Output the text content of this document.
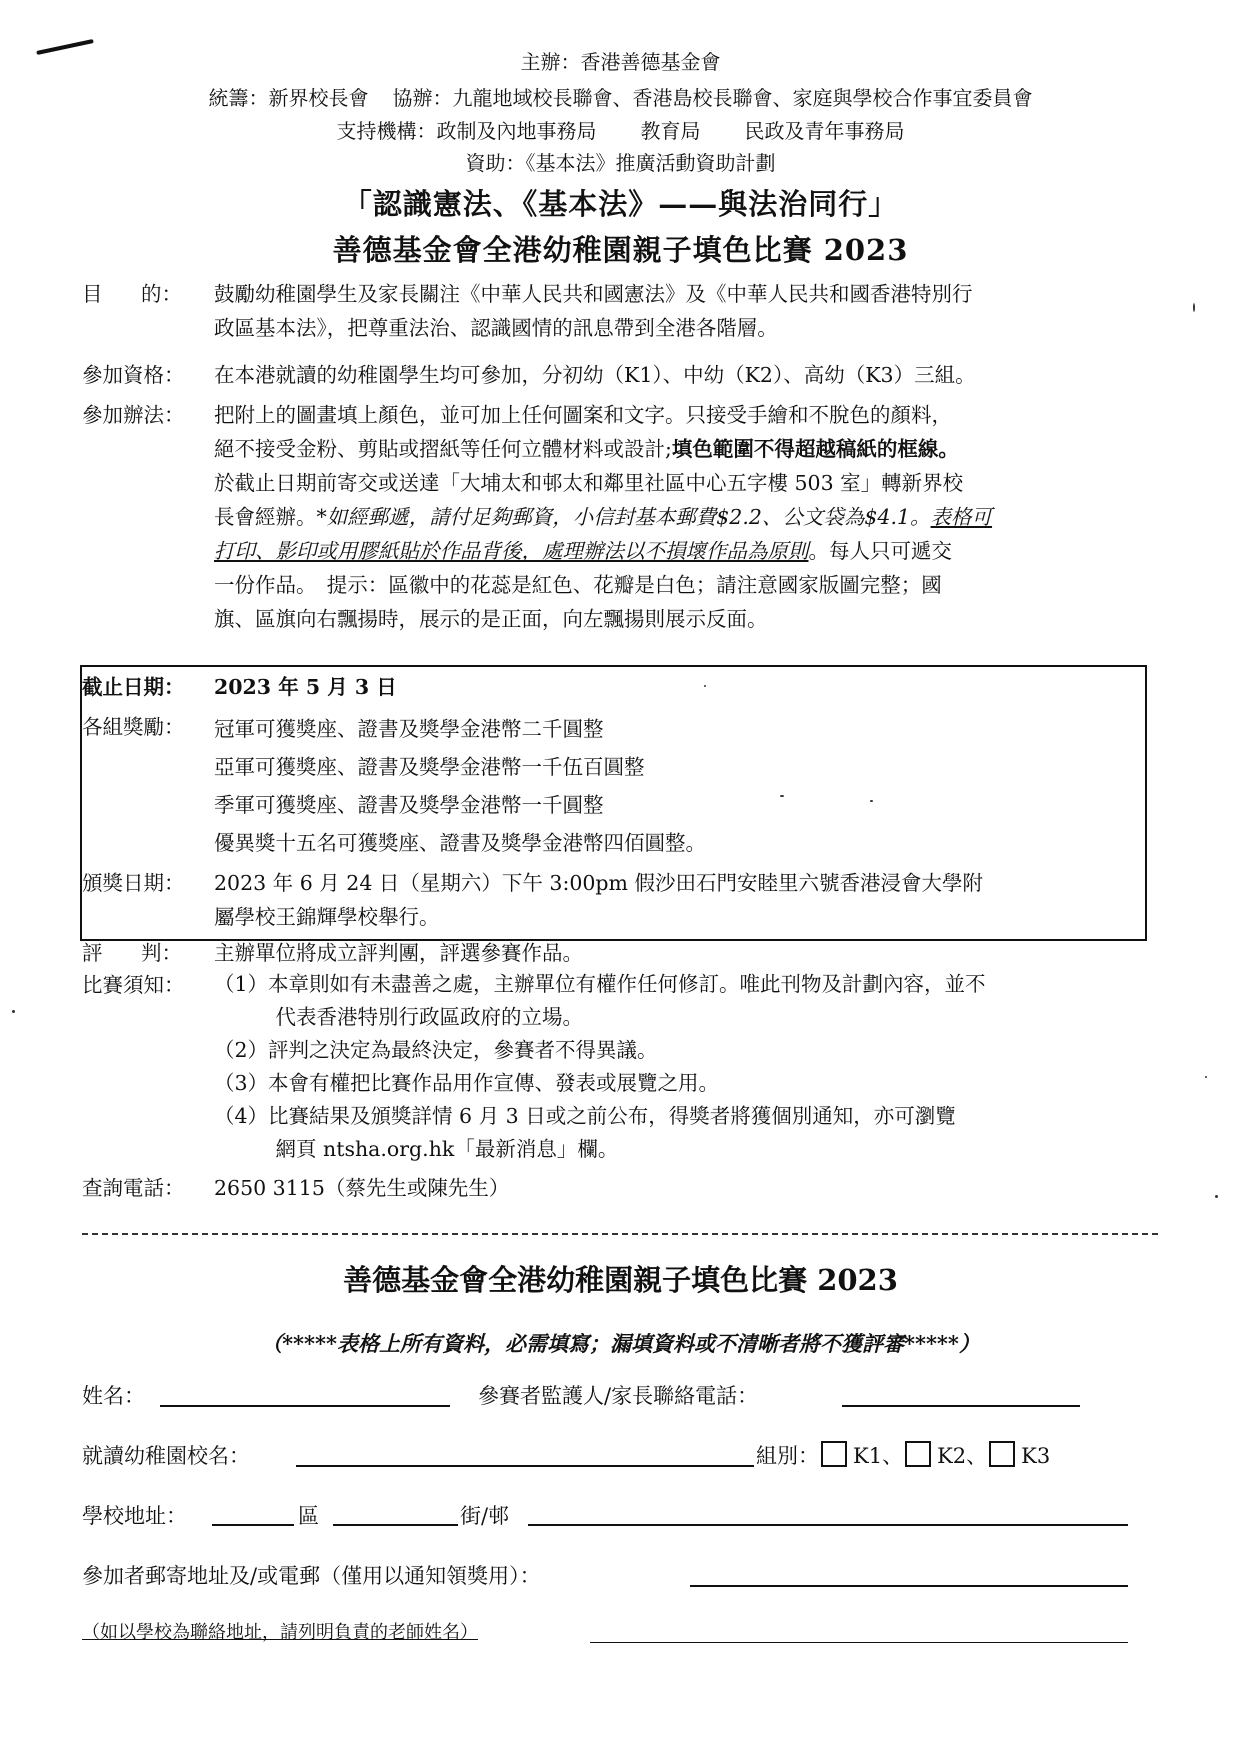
主辦：香港善德基金會
統籌：新界校長會 協辦：九龍地域校長聯會、香港島校長聯會、家庭與學校合作事宜委員會
支持機構：政制及內地事務局 教育局 民政及青年事務局
資助：《基本法》推廣活動資助計劃
「認識憲法、《基本法》——與法治同行」
善德基金會全港幼稚園親子填色比賽 2023
目 的： 鼓勵幼稚園學生及家長關注《中華人民共和國憲法》及《中華人民共和國香港特別行
政區基本法》，把尊重法治、認識國情的訊息帶到全港各階層。
參加資格：	在本港就讀的幼稚園學生均可參加，分初幼（K1）、中幼（K2）、高幼（K3）三組。
參加辦法：	把附上的圖畫填上顏色，並可加上任何圖案和文字。只接受手繪和不脫色的顏料，
絕不接受金粉、剪貼或摺紙等任何立體材料或設計;填色範圍不得超越稿紙的框線。
於截止日期前寄交或送達「大埔太和邨太和鄰里社區中心五字樓 503 室」轉新界校
長會經辦。*如經郵遞，請付足夠郵資，小信封基本郵費$2.2、公文袋為$4.1。表格可
打印、影印或用膠紙貼於作品背後，處理辦法以不損壞作品為原則。每人只可遞交
一份作品。　提示：區徽中的花蕊是紅色、花瓣是白色；請注意國家版圖完整；國
旗、區旗向右飄揚時，展示的是正面，向左飄揚則展示反面。
截止日期：	2023 年 5 月 3 日
各組獎勵：	冠軍可獲獎座、證書及獎學金港幣二千圓整
亞軍可獲獎座、證書及獎學金港幣一千伍百圓整
季軍可獲獎座、證書及獎學金港幣一千圓整
優異獎十五名可獲獎座、證書及獎學金港幣四佰圓整。
頒獎日期：	2023 年 6 月 24 日（星期六）下午 3:00pm 假沙田石門安睦里六號香港浸會大學附
屬學校王錦輝學校舉行。
評 判： 主辦單位將成立評判團，評選參賽作品。
比賽須知：	（1）本章則如有未盡善之處，主辦單位有權作任何修訂。唯此刊物及計劃內容，並不
　　　代表香港特別行政區政府的立場。
（2）評判之決定為最終決定，參賽者不得異議。
（3）本會有權把比賽作品用作宣傳、發表或展覽之用。
（4）比賽結果及頒獎詳情 6 月 3 日或之前公布，得獎者將獲個別通知，亦可瀏覽
　　　網頁 ntsha.org.hk「最新消息」欄。
查詢電話：	2650 3115（蔡先生或陳先生）
善德基金會全港幼稚園親子填色比賽 2023
（*****表格上所有資料，必需填寫；漏填資料或不清晰者將不獲評審*****）
姓名：	參賽者監護人/家長聯絡電話：
就讀幼稚園校名：	組別： K1、 K2、 K3
學校地址：	區	街/邨
參加者郵寄地址及/或電郵（僅用以通知領獎用）：
（如以學校為聯絡地址，請列明負責的老師姓名）
